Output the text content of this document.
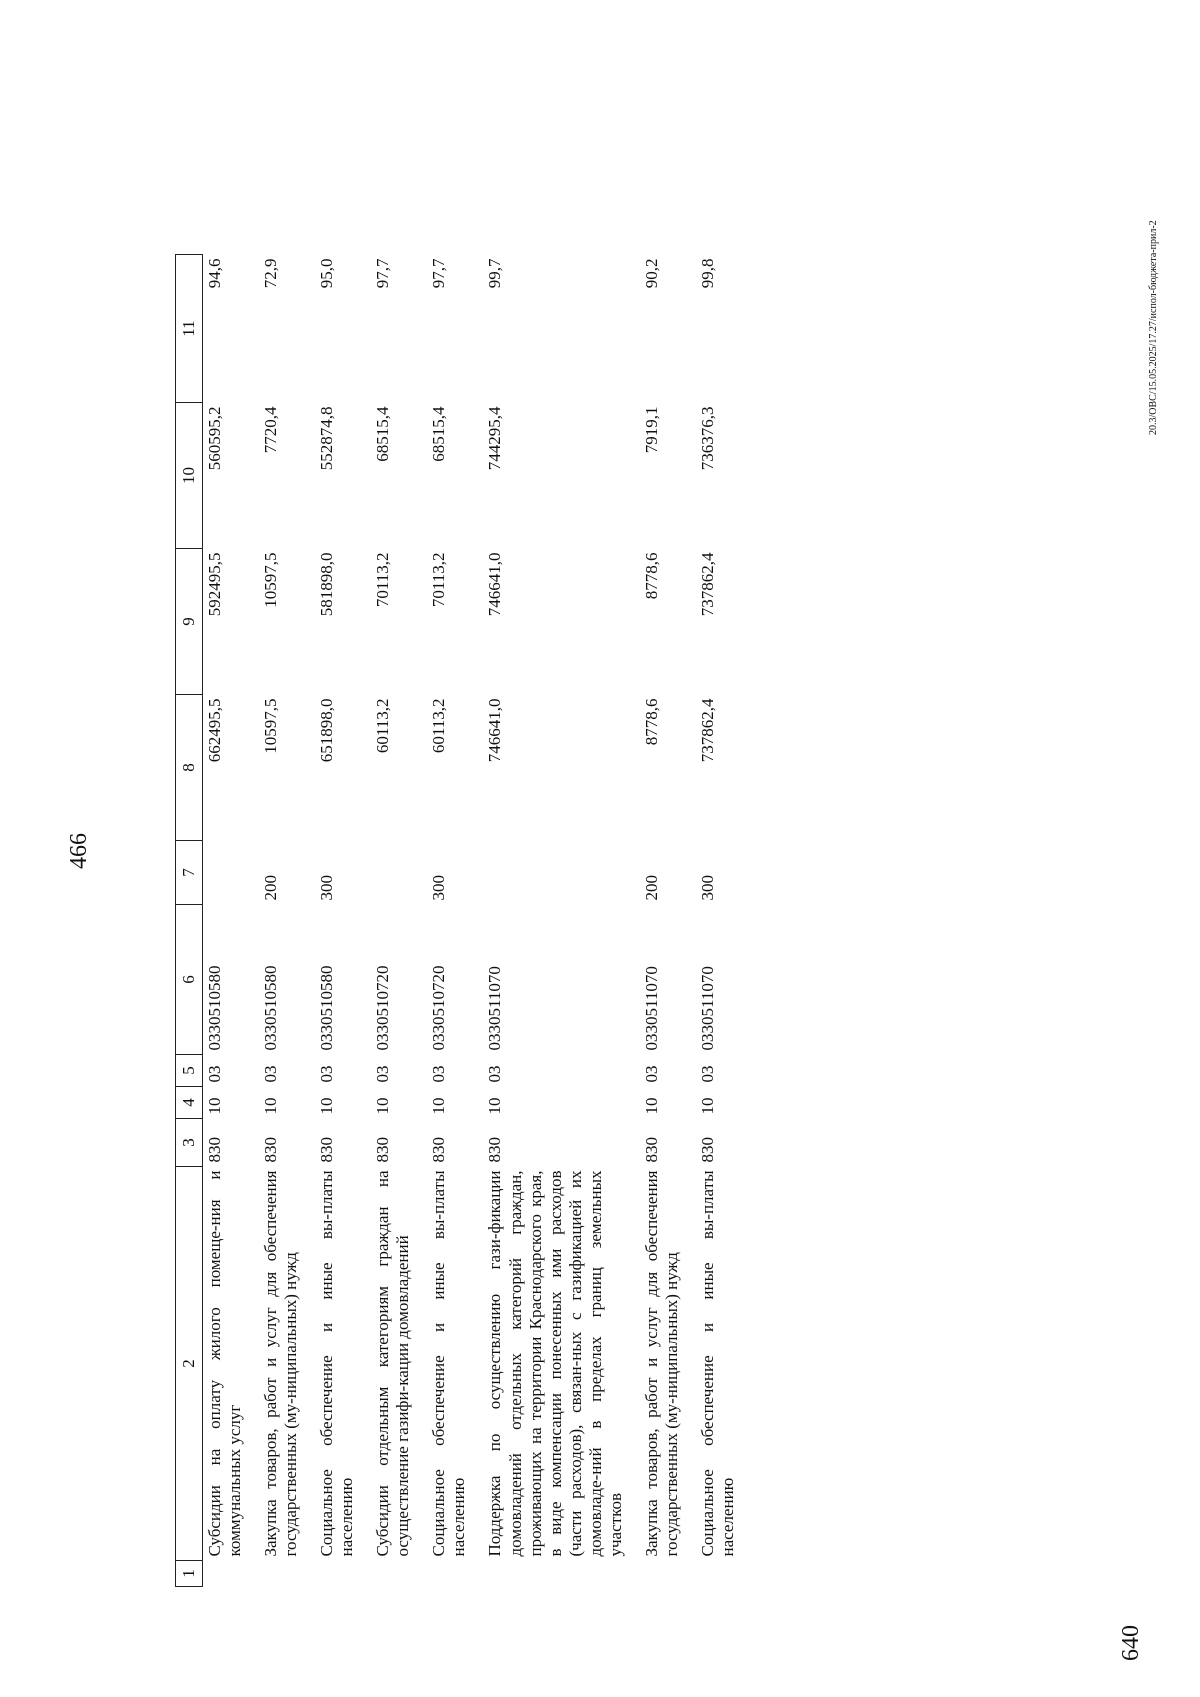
466
1	2	3	4	5	6	7	8	9	10	11
	Субсидии на оплату жилого помеще-ния и коммунальных услуг	830	10	03	0330510580		662495,5	592495,5	560595,2	94,6
	Закупка товаров, работ и услуг для обеспечения государственных (му-ниципальных) нужд	830	10	03	0330510580	200	10597,5	10597,5	7720,4	72,9
	Социальное обеспечение и иные вы-платы населению	830	10	03	0330510580	300	651898,0	581898,0	552874,8	95,0
	Субсидии отдельным категориям граждан на осуществление газифи-кации домовладений	830	10	03	0330510720		60113,2	70113,2	68515,4	97,7
	Социальное обеспечение и иные вы-платы населению	830	10	03	0330510720	300	60113,2	70113,2	68515,4	97,7
	Поддержка по осуществлению гази-фикации домовладений отдельных категорий граждан, проживающих на территории Краснодарского края, в виде компенсации понесенных ими расходов (части расходов), связан-ных с газификацией их домовладе-ний в пределах границ земельных участков	830	10	03	0330511070		746641,0	746641,0	744295,4	99,7
	Закупка товаров, работ и услуг для обеспечения государственных (му-ниципальных) нужд	830	10	03	0330511070	200	8778,6	8778,6	7919,1	90,2
	Социальное обеспечение и иные вы-платы населению	830	10	03	0330511070	300	737862,4	737862,4	736376,3	99,8	20.3/ОВС/15.05.2025/17.27/испол-бюджета-прил-2
640
